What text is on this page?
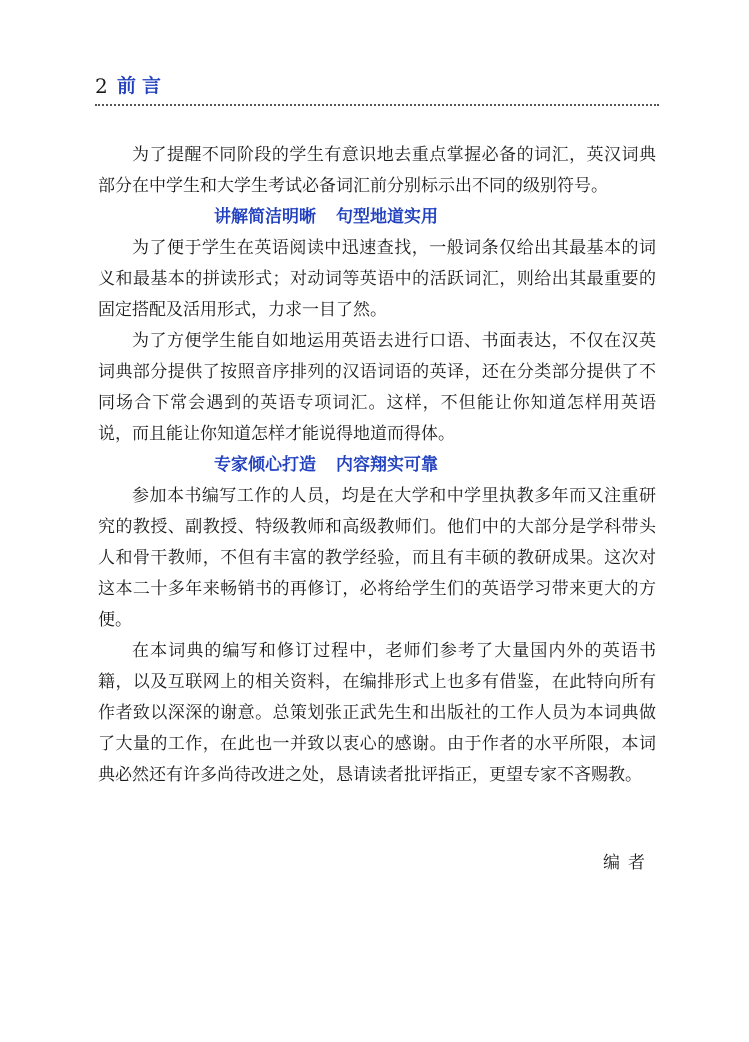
2 前言

为了提醒不同阶段的学生有意识地去重点掌握必备的词汇，英汉词典部分在中学生和大学生考试必备词汇前分别标示出不同的级别符号。

讲解简洁明晰 句型地道实用

为了便于学生在英语阅读中迅速查找，一般词条仅给出其最基本的词义和最基本的拼读形式；对动词等英语中的活跃词汇，则给出其最重要的固定搭配及活用形式，力求一目了然。

为了方便学生能自如地运用英语去进行口语、书面表达，不仅在汉英词典部分提供了按照音序排列的汉语词语的英译，还在分类部分提供了不同场合下常会遇到的英语专项词汇。这样，不但能让你知道怎样用英语说，而且能让你知道怎样才能说得地道而得体。

专家倾心打造 内容翔实可靠

参加本书编写工作的人员，均是在大学和中学里执教多年而又注重研究的教授、副教授、特级教师和高级教师们。他们中的大部分是学科带头人和骨干教师，不但有丰富的教学经验，而且有丰硕的教研成果。这次对这本二十多年来畅销书的再修订，必将给学生们的英语学习带来更大的方便。

在本词典的编写和修订过程中，老师们参考了大量国内外的英语书籍，以及互联网上的相关资料，在编排形式上也多有借鉴，在此特向所有作者致以深深的谢意。总策划张正武先生和出版社的工作人员为本词典做了大量的工作，在此也一并致以衷心的感谢。由于作者的水平所限，本词典必然还有许多尚待改进之处，恳请读者批评指正，更望专家不吝赐教。

编者
